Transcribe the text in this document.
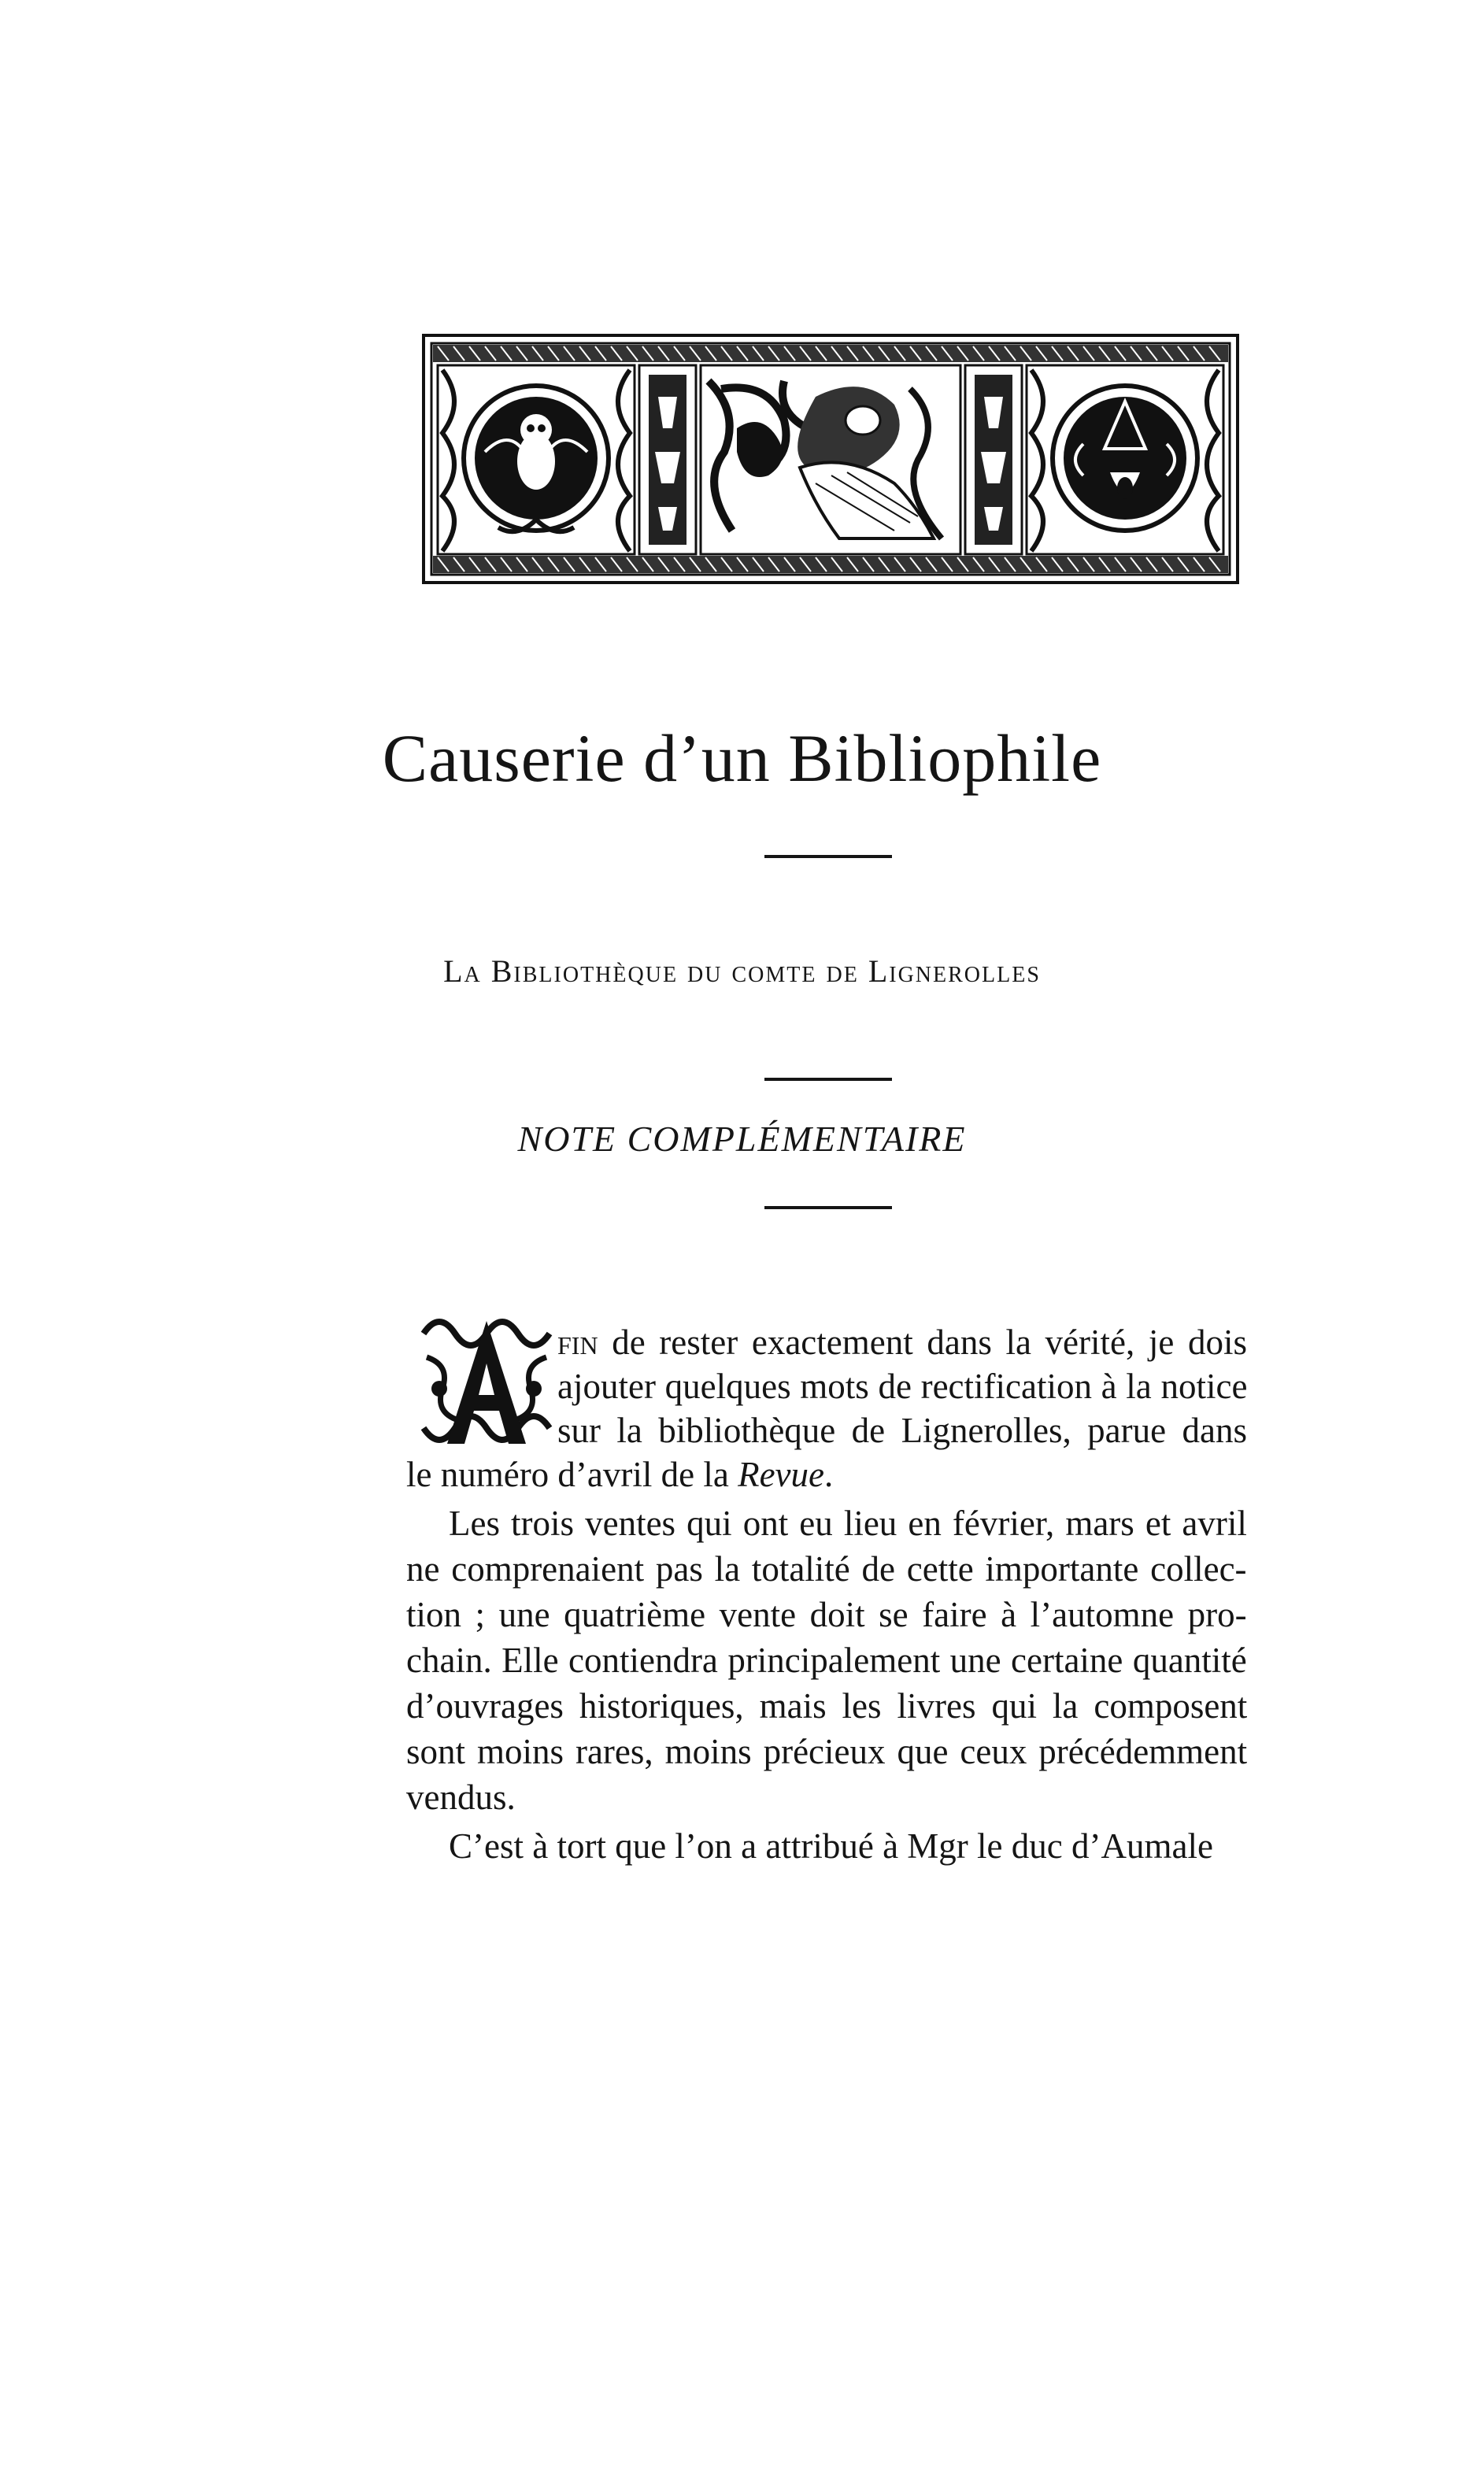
Causerie d’un Bibliophile
La Bibliothèque du comte de Lignerolles
NOTE COMPLÉMENTAIRE
A
fin de rester exactement dans la vérité, je dois
ajouter quelques mots de rectification à la notice
sur la bibliothèque de Lignerolles, parue dans
le numéro d’avril de la Revue.
Les trois ventes qui ont eu lieu en février, mars et avril
ne comprenaient pas la totalité de cette importante collec-
tion ; une quatrième vente doit se faire à l’automne pro-
chain. Elle contiendra principalement une certaine quantité
d’ouvrages historiques, mais les livres qui la composent
sont moins rares, moins précieux que ceux précédemment
vendus.
C’est à tort que l’on a attribué à Mgr le duc d’Aumale
